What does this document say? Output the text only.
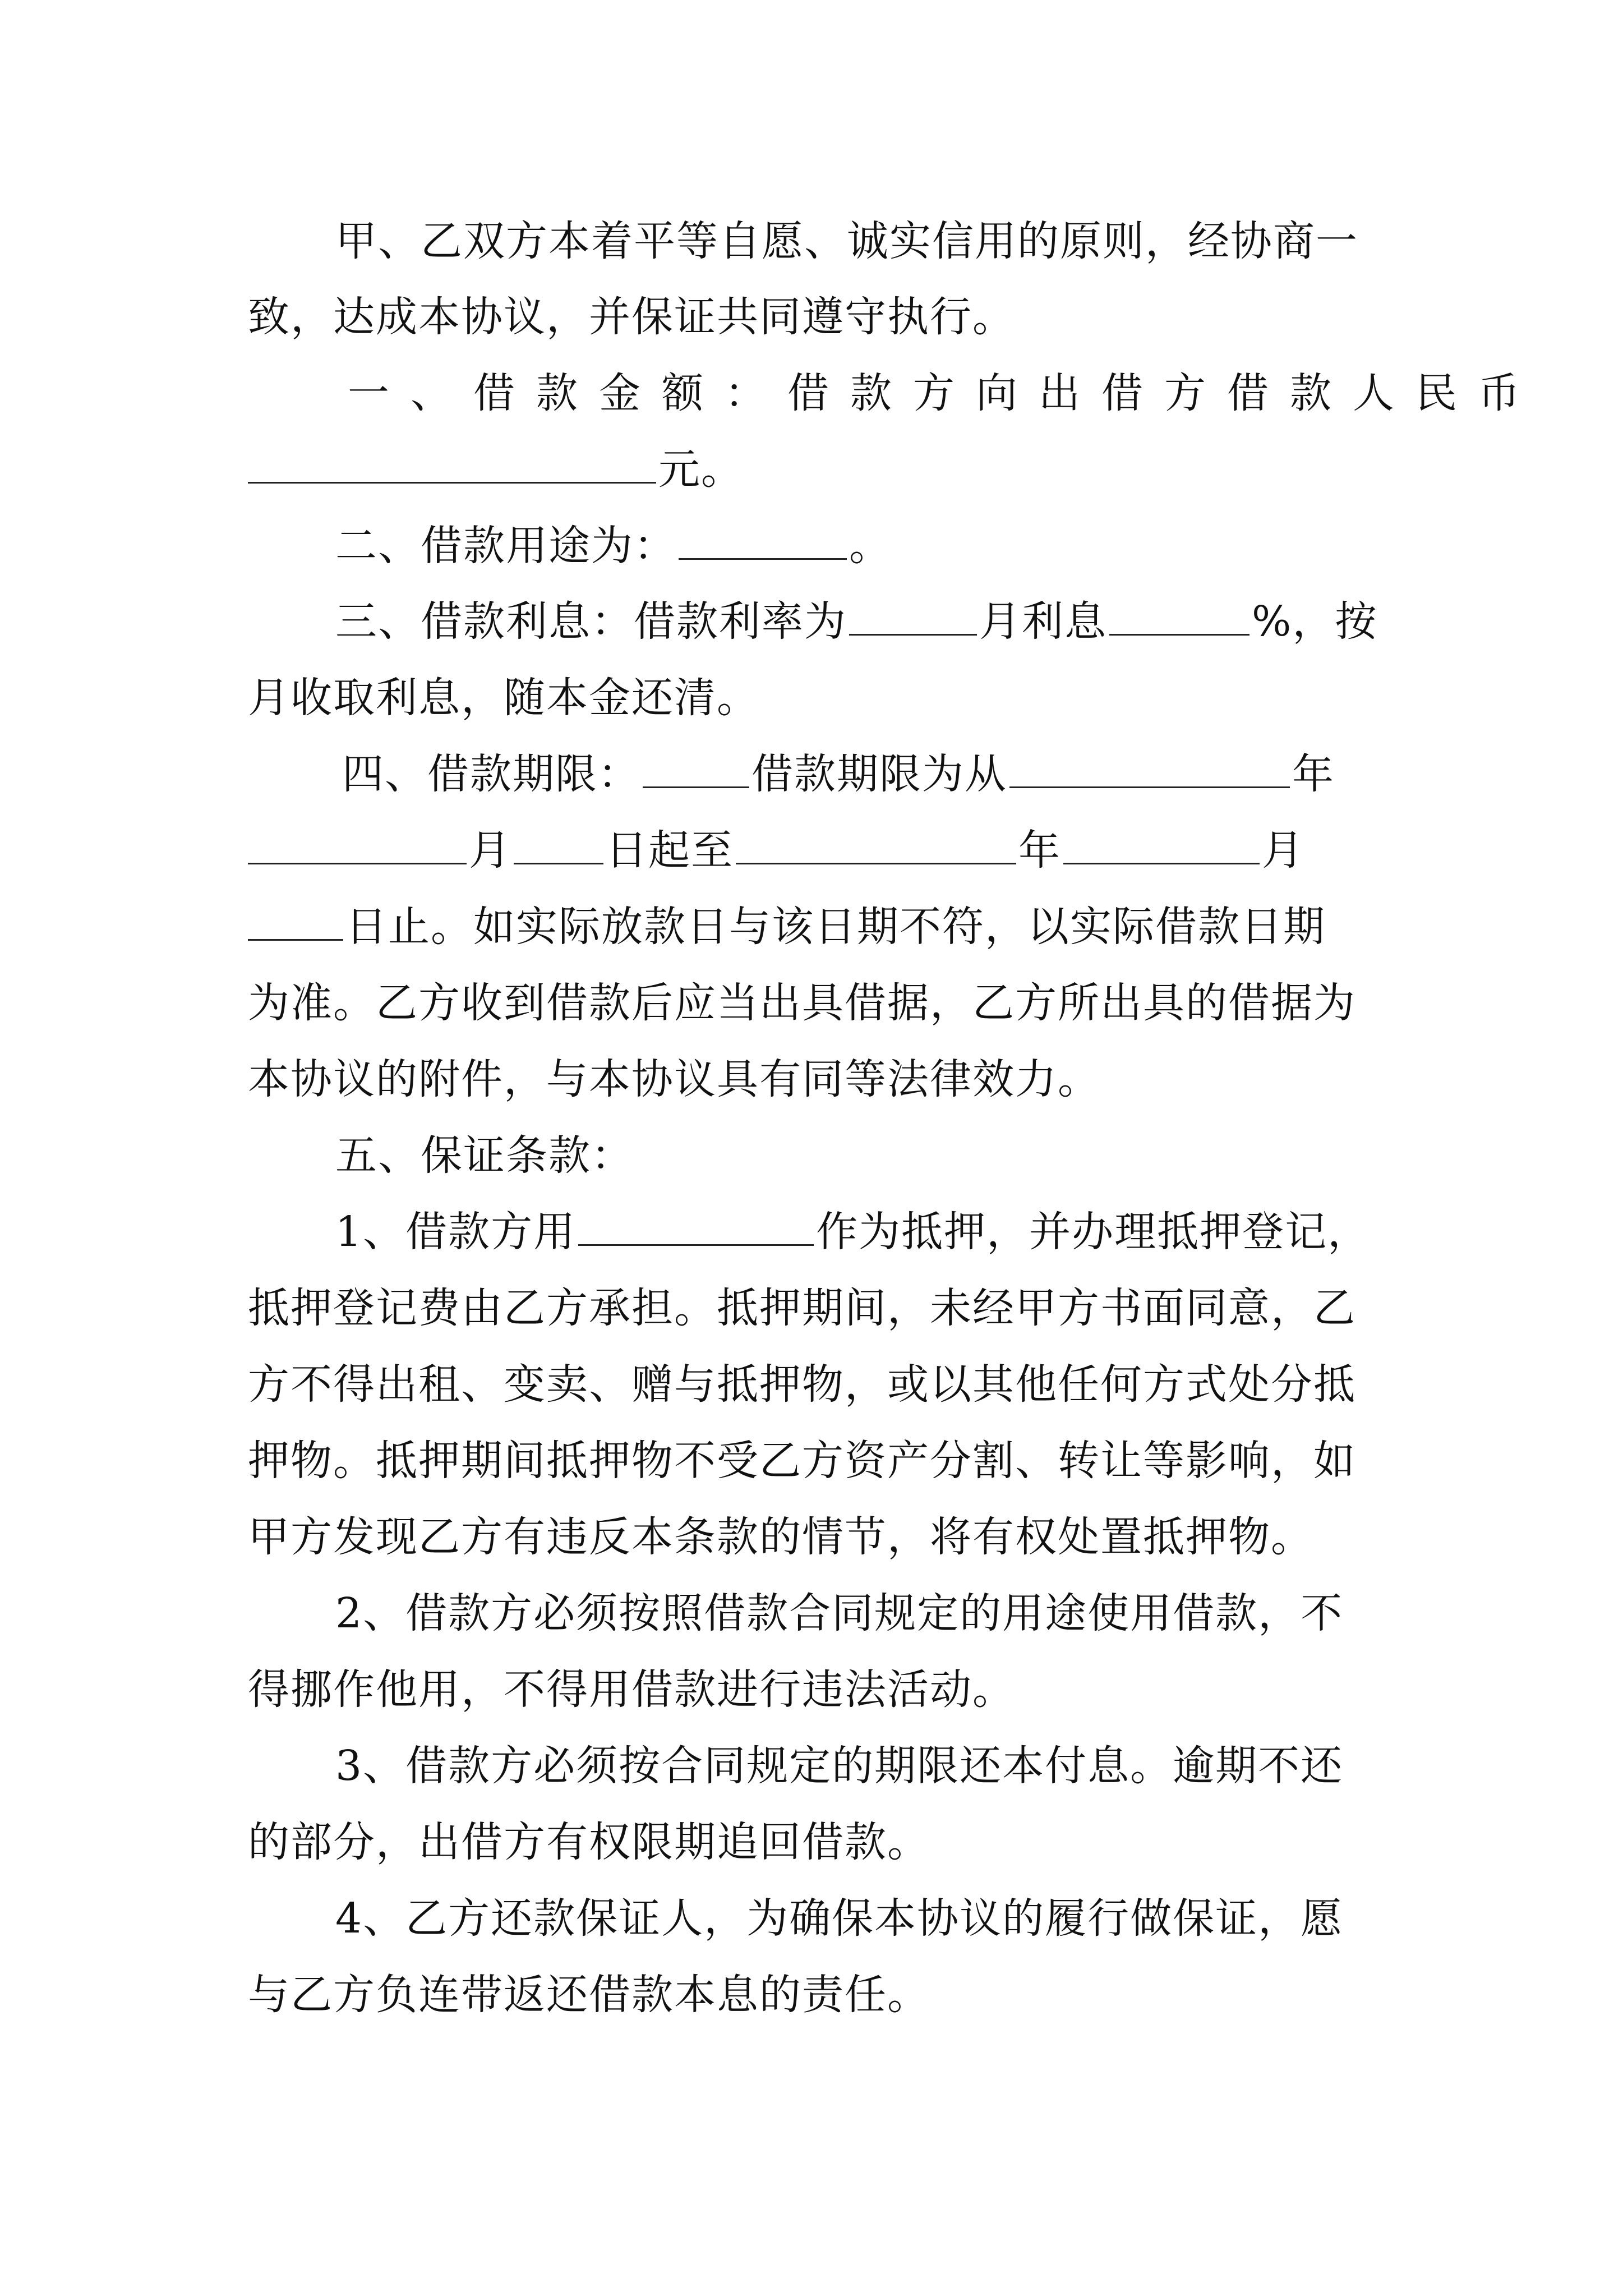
甲、乙双方本着平等自愿、诚实信用的原则，经协商一
致，达成本协议，并保证共同遵守执行。
一、借款金额：借款方向出借方借款人民币
元。
二、借款用途为：	。
三、借款利息：借款利率为	月利息	%，按
月收取利息，随本金还清。
四、借款期限：	借款期限为从	年
月 日起至	年	月
日止。如实际放款日与该日期不符，以实际借款日期
为准。乙方收到借款后应当出具借据，乙方所出具的借据为
本协议的附件，与本协议具有同等法律效力。
五、保证条款：
1、借款方用	作为抵押，并办理抵押登记，
抵押登记费由乙方承担。抵押期间，未经甲方书面同意，乙
方不得出租、变卖、赠与抵押物，或以其他任何方式处分抵
押物。抵押期间抵押物不受乙方资产分割、转让等影响，如
甲方发现乙方有违反本条款的情节，将有权处置抵押物。
2、借款方必须按照借款合同规定的用途使用借款，不
得挪作他用，不得用借款进行违法活动。
3、借款方必须按合同规定的期限还本付息。逾期不还
的部分，出借方有权限期追回借款。
4、乙方还款保证人，为确保本协议的履行做保证，愿
与乙方负连带返还借款本息的责任。
